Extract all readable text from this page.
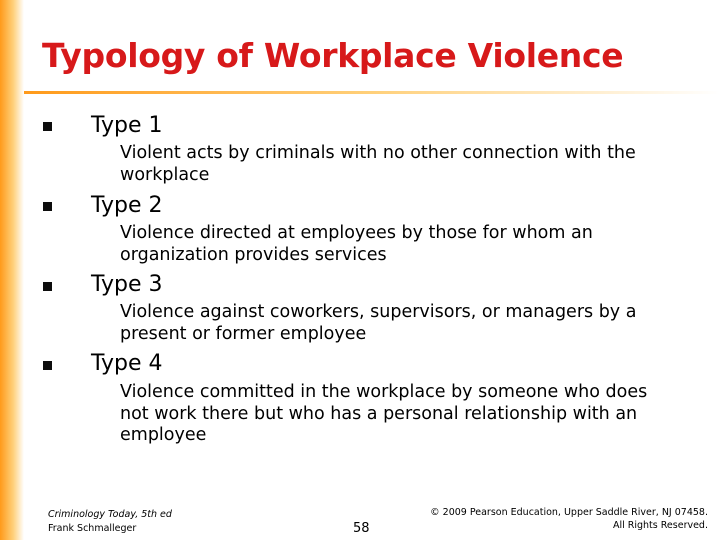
Typology of Workplace Violence
Type 1
Violent acts by criminals with no other connection with the workplace
Type 2
Violence directed at employees by those for whom an organization provides services
Type 3
Violence against coworkers, supervisors, or managers by a present or former employee
Type 4
Violence committed in the workplace by someone who does not work there but who has a personal relationship with an employee
Criminology Today, 5th ed
Frank Schmalleger	58
© 2009 Pearson Education, Upper Saddle River, NJ 07458.
All Rights Reserved.
